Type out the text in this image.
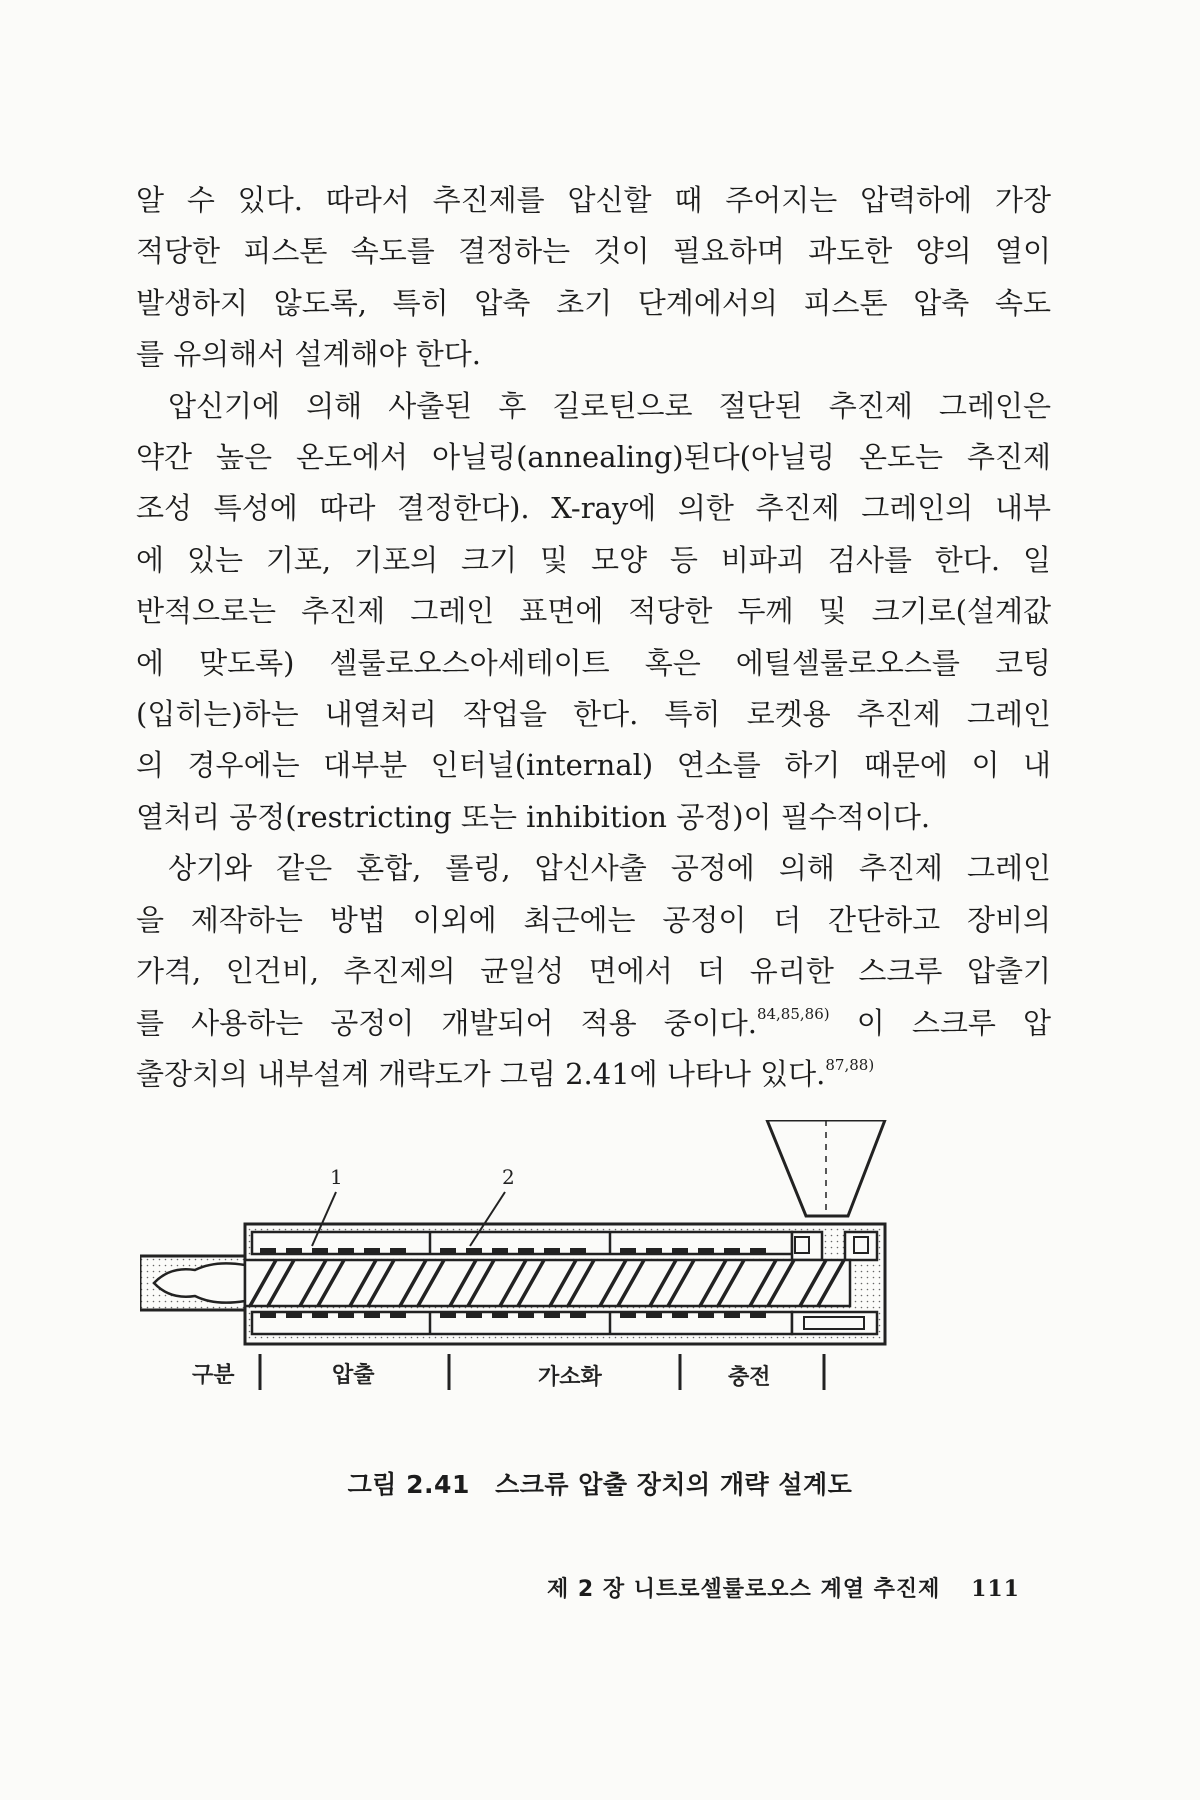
알 수 있다. 따라서 추진제를 압신할 때 주어지는 압력하에 가장
적당한 피스톤 속도를 결정하는 것이 필요하며 과도한 양의 열이
발생하지 않도록, 특히 압축 초기 단계에서의 피스톤 압축 속도
를 유의해서 설계해야 한다.

압신기에 의해 사출된 후 길로틴으로 절단된 추진제 그레인은
약간 높은 온도에서 아닐링(annealing)된다(아닐링 온도는 추진제
조성 특성에 따라 결정한다). X-ray에 의한 추진제 그레인의 내부
에 있는 기포, 기포의 크기 및 모양 등 비파괴 검사를 한다. 일
반적으로는 추진제 그레인 표면에 적당한 두께 및 크기로(설계값
에 맞도록) 셀룰로오스아세테이트 혹은 에틸셀룰로오스를 코팅
(입히는)하는 내열처리 작업을 한다. 특히 로켓용 추진제 그레인
의 경우에는 대부분 인터널(internal) 연소를 하기 때문에 이 내
열처리 공정(restricting 또는 inhibition 공정)이 필수적이다.

상기와 같은 혼합, 롤링, 압신사출 공정에 의해 추진제 그레인
을 제작하는 방법 이외에 최근에는 공정이 더 간단하고 장비의
가격, 인건비, 추진제의 균일성 면에서 더 유리한 스크루 압출기
를 사용하는 공정이 개발되어 적용 중이다.$^{84,85,86)}$ 이 스크루 압
출장치의 내부설계 개략도가 그림 2.41에 나타나 있다.$^{87,88)}$

1	2
구분	압출	가소화	충전
그림 2.41 스크류 압출 장치의 개략 설계도
제 2 장 니트로셀룰로오스 계열 추진제 111
